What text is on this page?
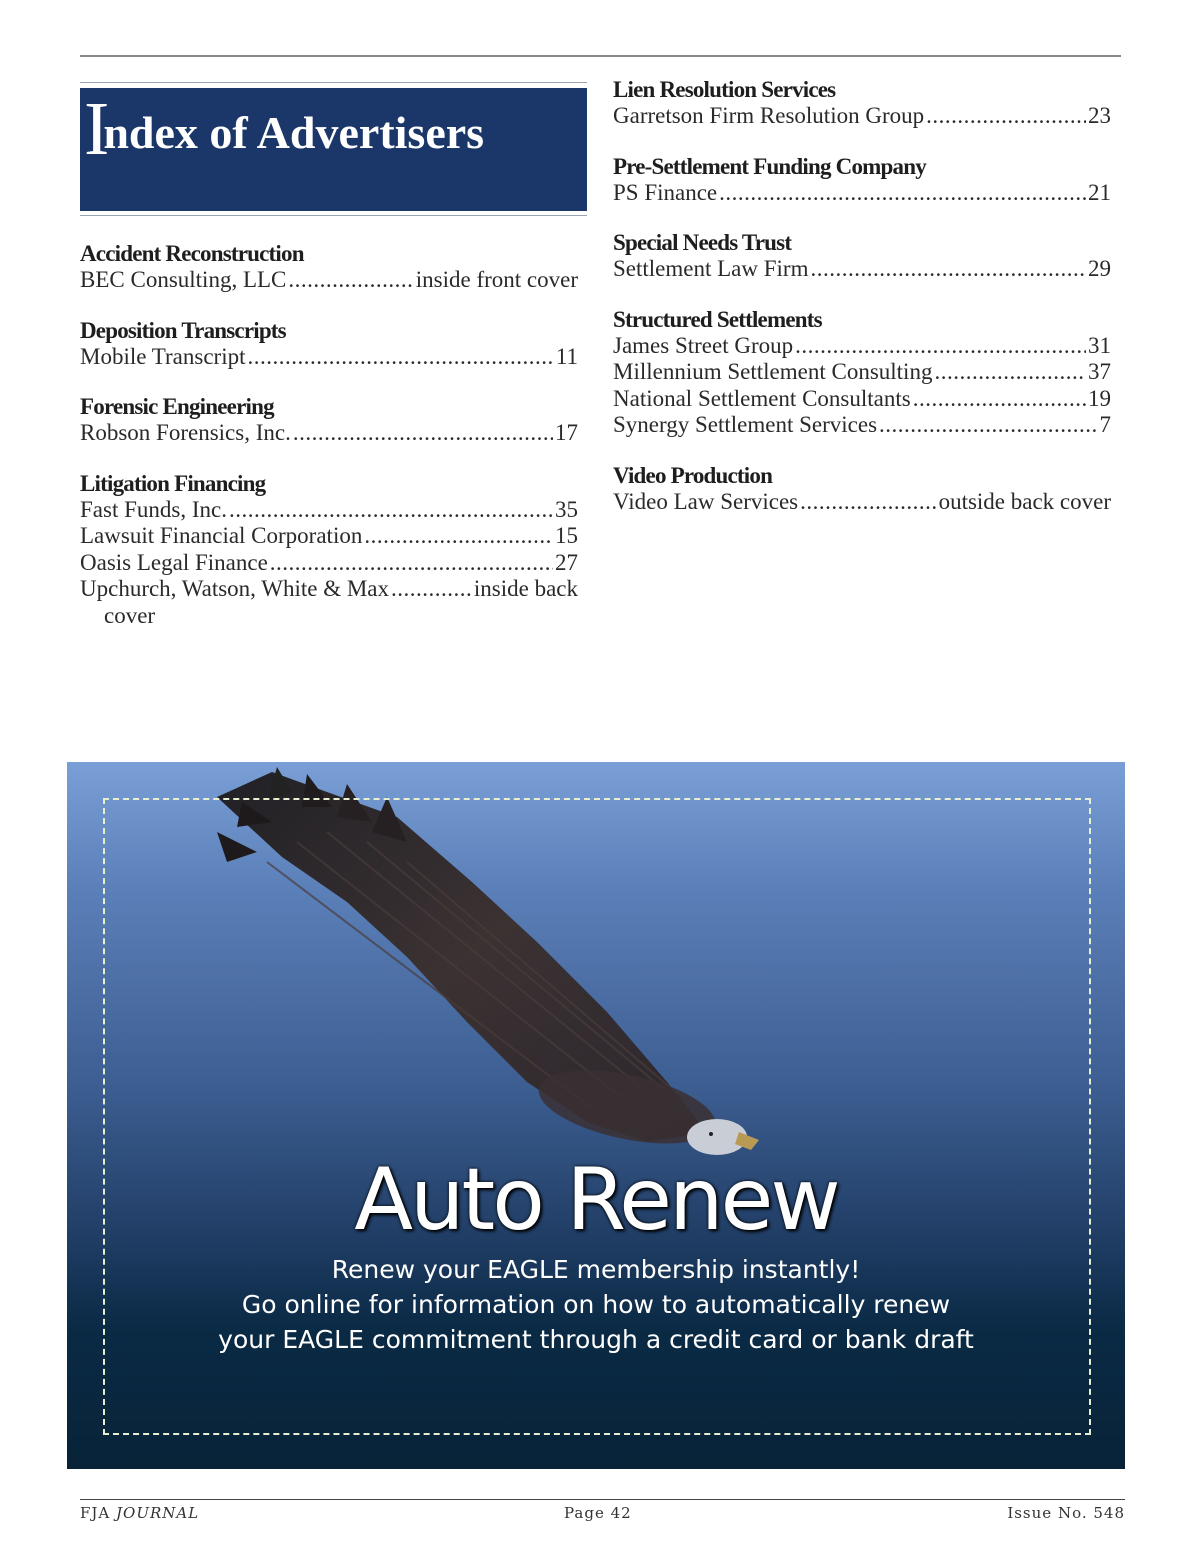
Index of Advertisers
Accident Reconstruction
BEC Consulting, LLC .....	inside front cover
Deposition Transcripts
Mobile Transcript .....	11
Forensic Engineering
Robson Forensics, Inc. .....	17
Litigation Financing
Fast Funds, Inc. .....	35
Lawsuit Financial Corporation .....	15
Oasis Legal Finance .....	27
Upchurch, Watson, White & Max .....	inside back
cover
Lien Resolution Services
Garretson Firm Resolution Group .....	23
Pre-Settlement Funding Company
PS Finance .....	21
Special Needs Trust
Settlement Law Firm .....	29
Structured Settlements
James Street Group .....	31
Millennium Settlement Consulting .....	37
National Settlement Consultants .....	19
Synergy Settlement Services .....	7
Video Production
Video Law Services .....	outside back cover
Auto Renew
Renew your EAGLE membership instantly!
Go online for information on how to automatically renew
your EAGLE commitment through a credit card or bank draft
FJA JOURNAL	Page 42	Issue No. 548
